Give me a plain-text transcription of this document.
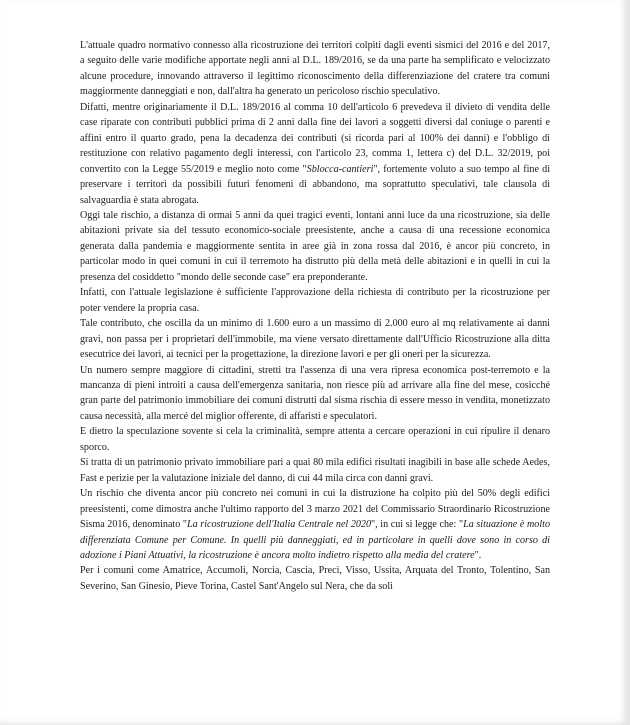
L'attuale quadro normativo connesso alla ricostruzione dei territori colpiti dagli eventi sismici del 2016 e del 2017, a seguito delle varie modifiche apportate negli anni al D.L. 189/2016, se da una parte ha semplificato e velocizzato alcune procedure, innovando attraverso il legittimo riconoscimento della differenziazione del cratere tra comuni maggiormente danneggiati e non, dall'altra ha generato un pericoloso rischio speculativo.

Difatti, mentre originariamente il D.L. 189/2016 al comma 10 dell'articolo 6 prevedeva il divieto di vendita delle case riparate con contributi pubblici prima di 2 anni dalla fine dei lavori a soggetti diversi dal coniuge o parenti e affini entro il quarto grado, pena la decadenza dei contributi (si ricorda pari al 100% dei danni) e l'obbligo di restituzione con relativo pagamento degli interessi, con l'articolo 23, comma 1, lettera c) del D.L. 32/2019, poi convertito con la Legge 55/2019 e meglio noto come "Sblocca-cantieri", fortemente voluto a suo tempo al fine di preservare i territori da possibili futuri fenomeni di abbandono, ma soprattutto speculativi, tale clausola di salvaguardia è stata abrogata.

Oggi tale rischio, a distanza di ormai 5 anni da quei tragici eventi, lontani anni luce da una ricostruzione, sia delle abitazioni private sia del tessuto economico-sociale preesistente, anche a causa di una recessione economica generata dalla pandemia e maggiormente sentita in aree già in zona rossa dal 2016, è ancor più concreto, in particolar modo in quei comuni in cui il terremoto ha distrutto più della metà delle abitazioni e in quelli in cui la presenza del cosiddetto "mondo delle seconde case" era preponderante.

Infatti, con l'attuale legislazione è sufficiente l'approvazione della richiesta di contributo per la ricostruzione per poter vendere la propria casa.

Tale contributo, che oscilla da un minimo di 1.600 euro a un massimo di 2.000 euro al mq relativamente ai danni gravi, non passa per i proprietari dell'immobile, ma viene versato direttamente dall'Ufficio Ricostruzione alla ditta esecutrice dei lavori, ai tecnici per la progettazione, la direzione lavori e per gli oneri per la sicurezza.

Un numero sempre maggiore di cittadini, stretti tra l'assenza di una vera ripresa economica post-terremoto e la mancanza di pieni introiti a causa dell'emergenza sanitaria, non riesce più ad arrivare alla fine del mese, cosicché gran parte del patrimonio immobiliare dei comuni distrutti dal sisma rischia di essere messo in vendita, monetizzato causa necessità, alla mercé del miglior offerente, di affaristi e speculatori.

E dietro la speculazione sovente si cela la criminalità, sempre attenta a cercare operazioni in cui ripulire il denaro sporco.

Si tratta di un patrimonio privato immobiliare pari a quai 80 mila edifici risultati inagibili in base alle schede Aedes, Fast e perizie per la valutazione iniziale del danno, di cui 44 mila circa con danni gravi.

Un rischio che diventa ancor più concreto nei comuni in cui la distruzione ha colpito più del 50% degli edifici preesistenti, come dimostra anche l'ultimo rapporto del 3 marzo 2021 del Commissario Straordinario Ricostruzione Sisma 2016, denominato "La ricostruzione dell'Italia Centrale nel 2020", in cui si legge che: "La situazione è molto differenziata Comune per Comune. In quelli più danneggiati, ed in particolare in quelli dove sono in corso di adozione i Piani Attuativi, la ricostruzione è ancora molto indietro rispetto alla media del cratere".

Per i comuni come Amatrice, Accumoli, Norcia, Cascia, Preci, Visso, Ussita, Arquata del Tronto, Tolentino, San Severino, San Ginesio, Pieve Torina, Castel Sant'Angelo sul Nera, che da soli
